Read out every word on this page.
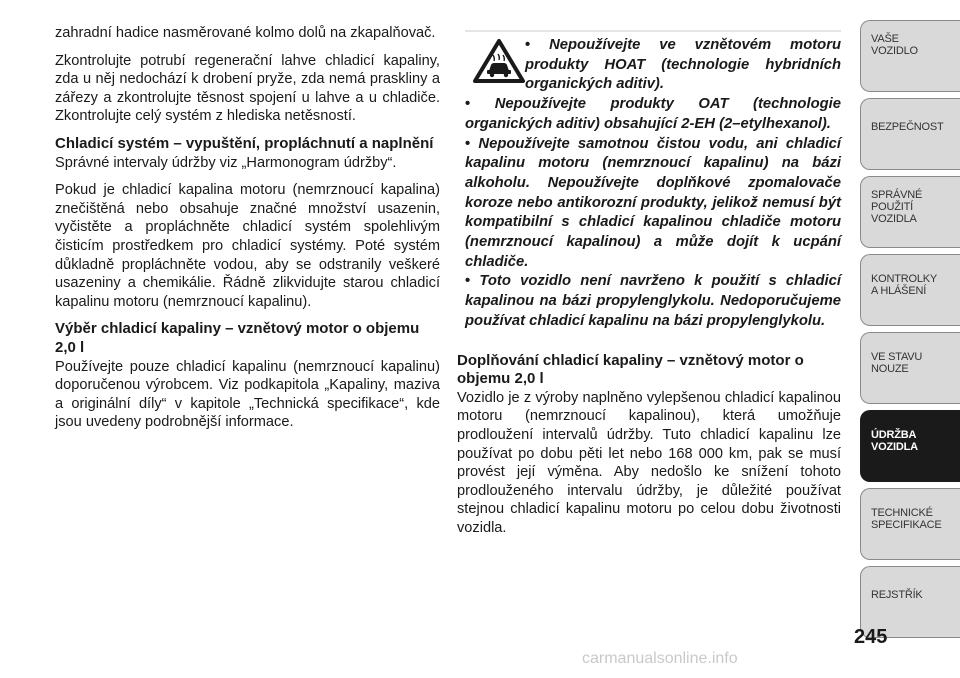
zahradní hadice nasměrované kolmo dolů na zkapalňovač.

Zkontrolujte potrubí regenerační lahve chladicí kapaliny, zda u něj nedochází k drobení pryže, zda nemá praskliny a zářezy a zkontrolujte těsnost spojení u lahve a u chladiče. Zkontrolujte celý systém z hlediska netěsností.

Chladicí systém – vypuštění, propláchnutí a naplnění

Správné intervaly údržby viz „Harmonogram údržby“.

Pokud je chladicí kapalina motoru (nemrznoucí kapalina) znečištěná nebo obsahuje značné množství usazenin, vyčistěte a propláchněte chladicí systém spolehlivým čisticím prostředkem pro chladicí systémy. Poté systém důkladně propláchněte vodou, aby se odstranily veškeré usazeniny a chemikálie. Řádně zlikvidujte starou chladicí kapalinu motoru (nemrznoucí kapalinu).

Výběr chladicí kapaliny – vznětový motor o objemu 2,0 l

Používejte pouze chladicí kapalinu (nemrznoucí kapalinu) doporučenou výrobcem. Viz podkapitola „Kapaliny, maziva a originální díly“ v kapitole „Technická specifikace“, kde jsou uvedeny podrobnější informace.

• Nepoužívejte ve vznětovém motoru produkty HOAT (technologie hybridních organických aditiv).
• Nepoužívejte produkty OAT (technologie organických aditiv) obsahující 2-EH (2–etylhexanol).
• Nepoužívejte samotnou čistou vodu, ani chladicí kapalinu motoru (nemrznoucí kapalinu) na bázi alkoholu. Nepoužívejte doplňkové zpomalovače koroze nebo antikorozní produkty, jelikož nemusí být kompatibilní s chladicí kapalinou chladiče motoru (nemrznoucí kapalinou) a může dojít k ucpání chladiče.
• Toto vozidlo není navrženo k použití s chladicí kapalinou na bázi propylenglykolu. Nedoporučujeme používat chladicí kapalinu na bázi propylenglykolu.
Doplňování chladicí kapaliny – vznětový motor o objemu 2,0 l

Vozidlo je z výroby naplněno vylepšenou chladicí kapalinou motoru (nemrznoucí kapalinou), která umožňuje prodloužení intervalů údržby. Tuto chladicí kapalinu lze používat po dobu pěti let nebo 168 000 km, pak se musí provést její výměna. Aby nedošlo ke snížení tohoto prodlouženého intervalu údržby, je důležité používat stejnou chladicí kapalinu motoru po celou dobu životnosti vozidla.

VAŠE
VOZIDLO
BEZPEČNOST
SPRÁVNÉ
POUŽITÍ
VOZIDLA
KONTROLKY
A HLÁŠENÍ
VE STAVU
NOUZE
ÚDRŽBA
VOZIDLA
TECHNICKÉ
SPECIFIKACE
REJSTŘÍK
245
carmanualsonline.info
